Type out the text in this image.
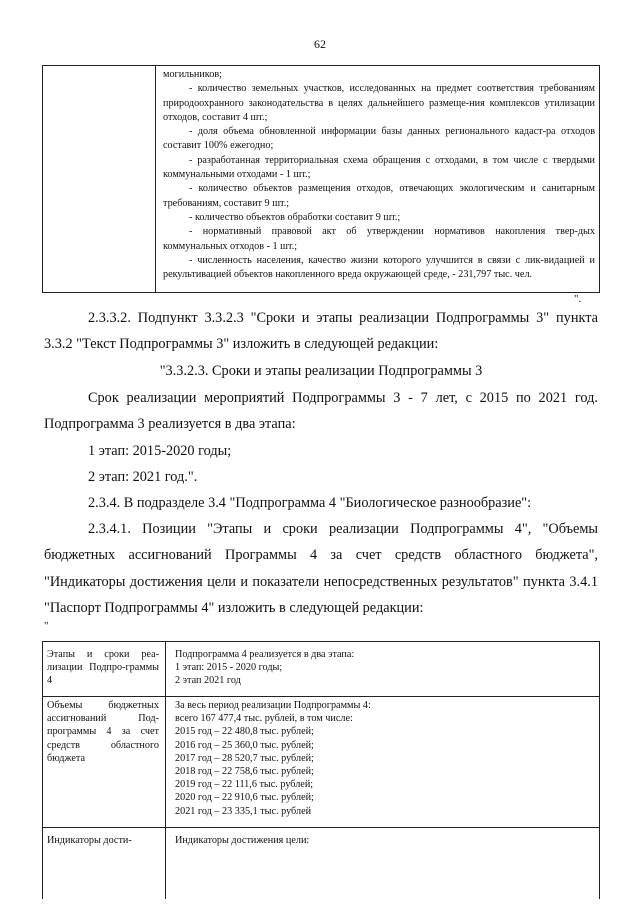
62
могильников;
- количество земельных участков, исследованных на предмет соответствия требованиям природоохранного законодательства в целях дальнейшего размеще-ния комплексов утилизации отходов, составит 4 шт.;
- доля объема обновленной информации базы данных регионального кадаст-ра отходов составит 100% ежегодно;
- разработанная территориальная схема обращения с отходами, в том числе с твердыми коммунальными отходами - 1 шт.;
- количество объектов размещения отходов, отвечающих экологическим и санитарным требованиям, составит 9 шт.;
- количество объектов обработки составит 9 шт.;
- нормативный правовой акт об утверждении нормативов накопления твер-дых коммунальных отходов - 1 шт.;
- численность населения, качество жизни которого улучшится в связи с лик-видацией и рекультивацией объектов накопленного вреда окружающей среде, - 231,797 тыс. чел.
".
2.3.3.2. Подпункт 3.3.2.3 "Сроки и этапы реализации Подпрограммы 3" пункта 3.3.2 "Текст Подпрограммы 3" изложить в следующей редакции:
"3.3.2.3. Сроки и этапы реализации Подпрограммы 3
Срок реализации мероприятий Подпрограммы 3 - 7 лет, с 2015 по 2021 год. Подпрограмма 3 реализуется в два этапа:
1 этап: 2015-2020 годы;
2 этап: 2021 год.".
2.3.4. В подразделе 3.4 "Подпрограмма 4 "Биологическое разнообразие":
2.3.4.1. Позиции "Этапы и сроки реализации Подпрограммы 4", "Объемы бюджетных ассигнований Программы 4 за счет средств областного бюджета", "Индикаторы достижения цели и показатели непосредственных результатов" пункта 3.4.1 "Паспорт Подпрограммы 4" изложить в следующей редакции:
"
Этапы и сроки реа-лизации Подпро-граммы 4
Подпрограмма 4 реализуется в два этапа:
1 этап: 2015 - 2020 годы;
2 этап 2021 год
Объемы бюджетных ассигнований Под-программы 4 за счет средств областного бюджета
За весь период реализации Подпрограммы 4:
всего 167 477,4 тыс. рублей, в том числе:
2015 год – 22 480,8 тыс. рублей;
2016 год – 25 360,0 тыс. рублей;
2017 год – 28 520,7 тыс. рублей;
2018 год – 22 758,6 тыс. рублей;
2019 год – 22 111,6 тыс. рублей;
2020 год – 22 910,6 тыс. рублей;
2021 год – 23 335,1 тыс. рублей
Индикаторы дости-	Индикаторы достижения цели:
